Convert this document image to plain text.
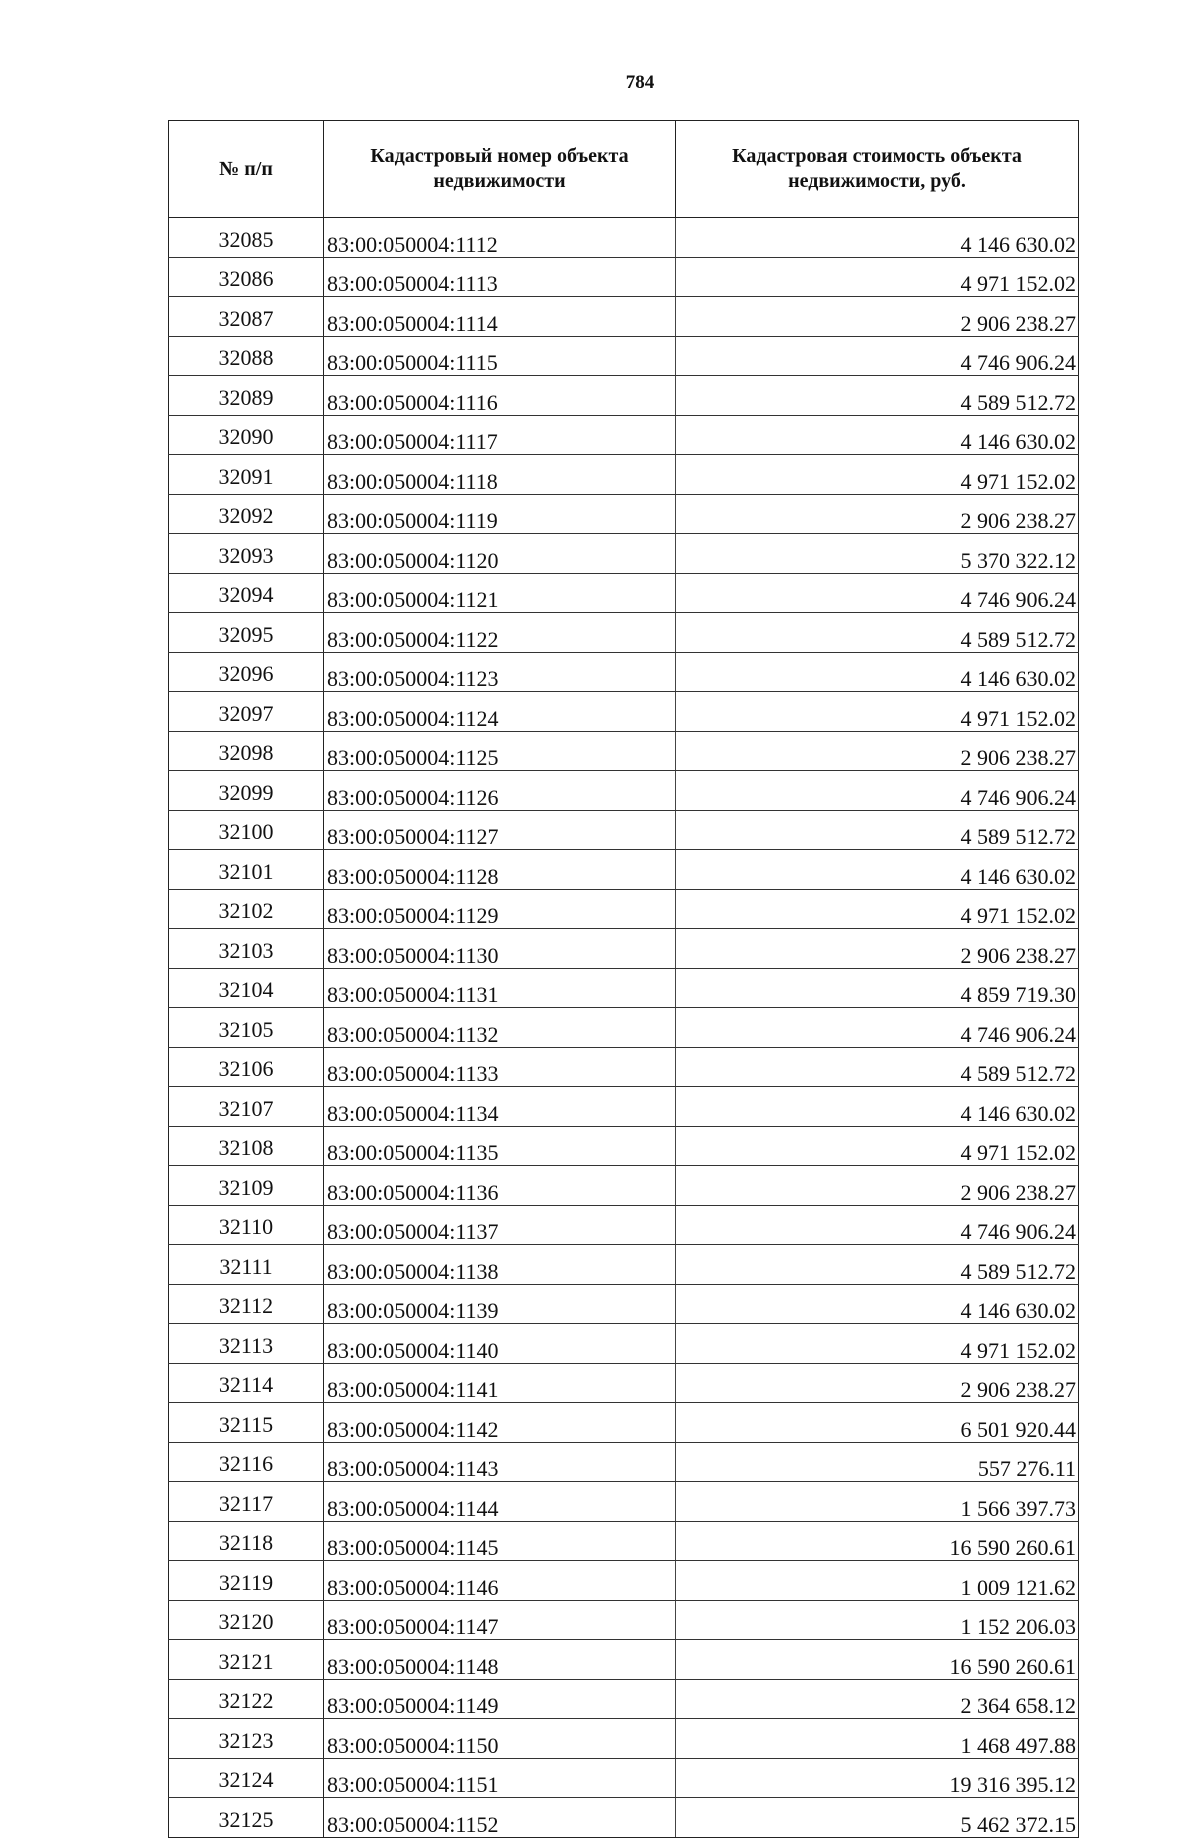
784
№ п/п	Кадастровый номер объекта недвижимости	Кадастровая стоимость объекта недвижимости, руб.
32085	83:00:050004:1112	4 146 630.02
32086	83:00:050004:1113	4 971 152.02
32087	83:00:050004:1114	2 906 238.27
32088	83:00:050004:1115	4 746 906.24
32089	83:00:050004:1116	4 589 512.72
32090	83:00:050004:1117	4 146 630.02
32091	83:00:050004:1118	4 971 152.02
32092	83:00:050004:1119	2 906 238.27
32093	83:00:050004:1120	5 370 322.12
32094	83:00:050004:1121	4 746 906.24
32095	83:00:050004:1122	4 589 512.72
32096	83:00:050004:1123	4 146 630.02
32097	83:00:050004:1124	4 971 152.02
32098	83:00:050004:1125	2 906 238.27
32099	83:00:050004:1126	4 746 906.24
32100	83:00:050004:1127	4 589 512.72
32101	83:00:050004:1128	4 146 630.02
32102	83:00:050004:1129	4 971 152.02
32103	83:00:050004:1130	2 906 238.27
32104	83:00:050004:1131	4 859 719.30
32105	83:00:050004:1132	4 746 906.24
32106	83:00:050004:1133	4 589 512.72
32107	83:00:050004:1134	4 146 630.02
32108	83:00:050004:1135	4 971 152.02
32109	83:00:050004:1136	2 906 238.27
32110	83:00:050004:1137	4 746 906.24
32111	83:00:050004:1138	4 589 512.72
32112	83:00:050004:1139	4 146 630.02
32113	83:00:050004:1140	4 971 152.02
32114	83:00:050004:1141	2 906 238.27
32115	83:00:050004:1142	6 501 920.44
32116	83:00:050004:1143	557 276.11
32117	83:00:050004:1144	1 566 397.73
32118	83:00:050004:1145	16 590 260.61
32119	83:00:050004:1146	1 009 121.62
32120	83:00:050004:1147	1 152 206.03
32121	83:00:050004:1148	16 590 260.61
32122	83:00:050004:1149	2 364 658.12
32123	83:00:050004:1150	1 468 497.88
32124	83:00:050004:1151	19 316 395.12
32125	83:00:050004:1152	5 462 372.15
